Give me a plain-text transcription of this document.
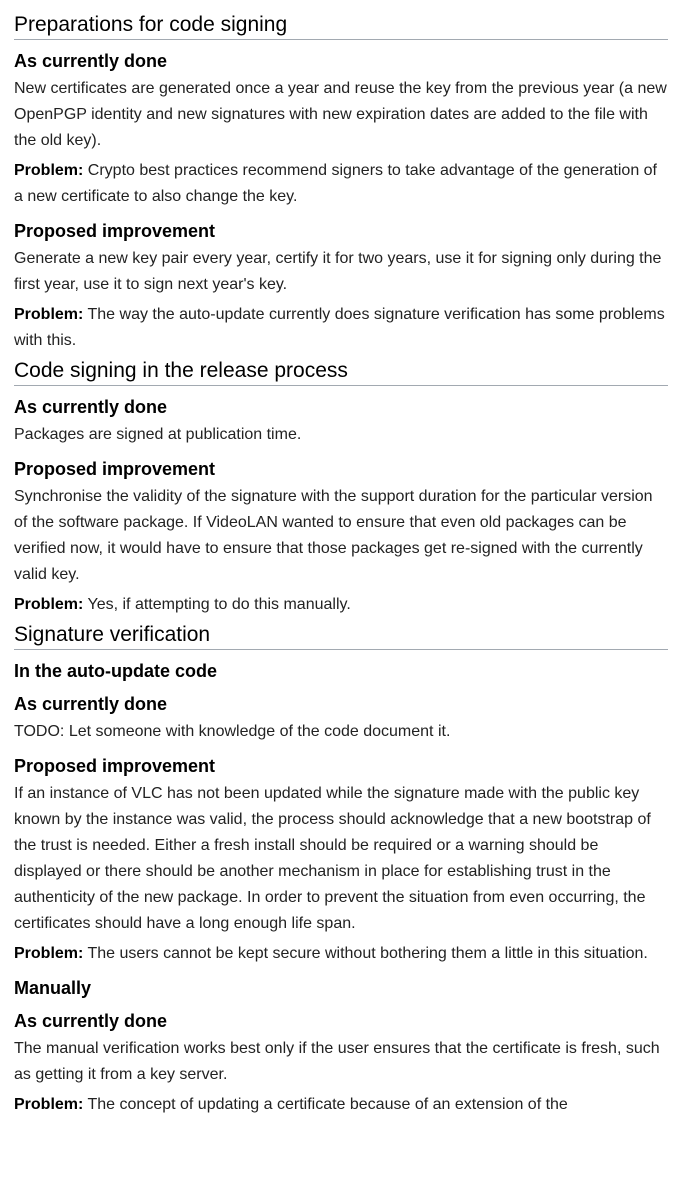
Preparations for code signing
As currently done
New certificates are generated once a year and reuse the key from the previous year (a new OpenPGP identity and new signatures with new expiration dates are added to the file with the old key).
Problem: Crypto best practices recommend signers to take advantage of the generation of a new certificate to also change the key.
Proposed improvement
Generate a new key pair every year, certify it for two years, use it for signing only during the first year, use it to sign next year's key.
Problem: The way the auto-update currently does signature verification has some problems with this.
Code signing in the release process
As currently done
Packages are signed at publication time.
Proposed improvement
Synchronise the validity of the signature with the support duration for the particular version of the software package. If VideoLAN wanted to ensure that even old packages can be verified now, it would have to ensure that those packages get re-signed with the currently valid key.
Problem: Yes, if attempting to do this manually.
Signature verification
In the auto-update code
As currently done
TODO: Let someone with knowledge of the code document it.
Proposed improvement
If an instance of VLC has not been updated while the signature made with the public key known by the instance was valid, the process should acknowledge that a new bootstrap of the trust is needed. Either a fresh install should be required or a warning should be displayed or there should be another mechanism in place for establishing trust in the authenticity of the new package. In order to prevent the situation from even occurring, the certificates should have a long enough life span.
Problem: The users cannot be kept secure without bothering them a little in this situation.
Manually
As currently done
The manual verification works best only if the user ensures that the certificate is fresh, such as getting it from a key server.
Problem: The concept of updating a certificate because of an extension of the
